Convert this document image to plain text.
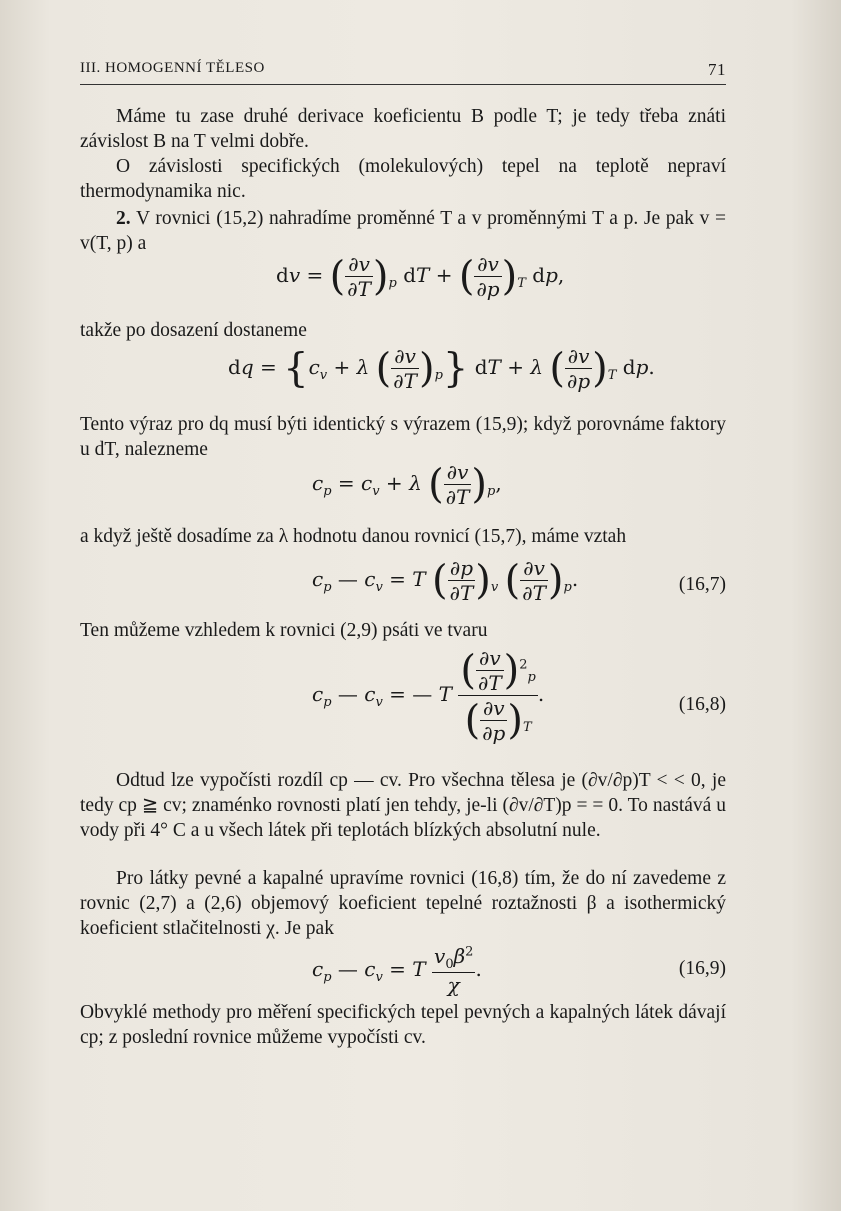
III. HOMOGENNÍ TĚLESO	71
Máme tu zase druhé derivace koeficientu B podle T; je tedy třeba znáti závislost B na T velmi dobře.
O závislosti specifických (molekulových) tepel na teplotě nepraví thermodynamika nic.
2. V rovnici (15,2) nahradíme proměnné T a v proměnnými T a p. Je pak v = v(T, p) a
dv = ( $\frac{\partial v}{\partial T} )_p$ dT + ( $\frac{\partial v}{\partial p} )_T$ dp,
takže po dosazení dostaneme
dq = {$c_v + \lambda$ ( $\frac{\partial v}{\partial T} )_p$} dT + λ ( $\frac{\partial v}{\partial p} )_T$ dp.
Tento výraz pro dq musí býti identický s výrazem (15,9); když porovnáme faktory u dT, nalezneme
$c_p = c_v + \lambda$ ( $\frac{\partial v}{\partial T} )_p$,
a když ještě dosadíme za λ hodnotu danou rovnicí (15,7), máme vztah
$c_p$ — $c_v = T$ ( $\frac{\partial p}{\partial T} )_v$ ( $\frac{\partial v}{\partial T} )_p$.	(16,7)
Ten můžeme vzhledem k rovnici (2,9) psáti ve tvaru
$c_p$ — $c_v$ = — T $\frac{( \frac{\partial v}{\partial T} )^2_p}{( \frac{\partial v}{\partial p} )_T}$ .	(16,8)
Odtud lze vypočísti rozdíl cp — cv. Pro všechna tělesa je (∂v/∂p)T < < 0, je tedy cp ≧ cv; znaménko rovnosti platí jen tehdy, je-li (∂v/∂T)p = = 0. To nastává u vody při 4° C a u všech látek při teplotách blízkých absolutní nule.
Pro látky pevné a kapalné upravíme rovnici (16,8) tím, že do ní zavedeme z rovnic (2,7) a (2,6) objemový koeficient tepelné roztažnosti β a isothermický koeficient stlačitelnosti χ. Je pak
$c_p$ — $c_v = T \frac{v_0\beta^2}{\chi}$ .	(16,9)
Obvyklé methody pro měření specifických tepel pevných a kapalných látek dávají cp; z poslední rovnice můžeme vypočísti cv.
